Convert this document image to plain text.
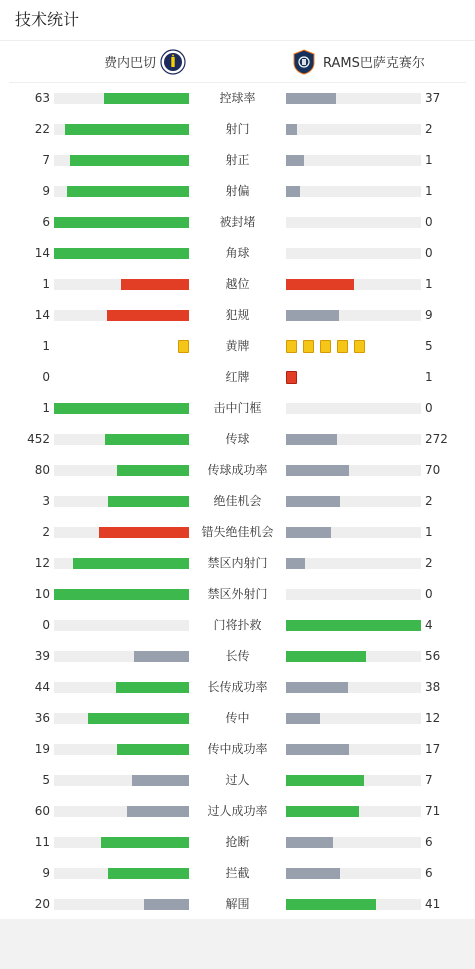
技术统计
费内巴切	RAMS巴萨克赛尔
63	控球率	37
22	射门	2
7	射正	1
9	射偏	1
6	被封堵	0
14	角球	0
1	越位	1
14	犯规	9
1	黄牌	5
0	红牌	1
1	击中门框	0
452	传球	272
80	传球成功率	70
3	绝佳机会	2
2	错失绝佳机会	1
12	禁区内射门	2
10	禁区外射门	0
0	门将扑救	4
39	长传	56
44	长传成功率	38
36	传中	12
19	传中成功率	17
5	过人	7
60	过人成功率	71
11	抢断	6
9	拦截	6
20	解围	41
